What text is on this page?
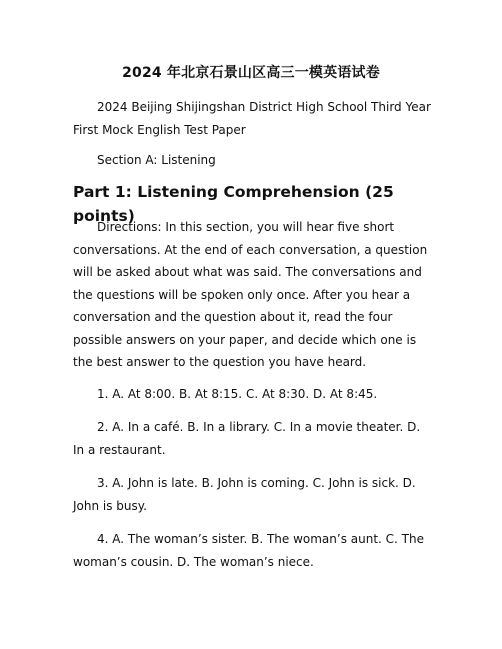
2024 年北京石景山区高三一模英语试卷

2024 Beijing Shijingshan District High School Third Year First Mock English Test Paper

Section A: Listening

Part 1: Listening Comprehension (25 points)

Directions: In this section, you will hear five short conversations. At the end of each conversation, a question will be asked about what was said. The conversations and the questions will be spoken only once. After you hear a conversation and the question about it, read the four possible answers on your paper, and decide which one is the best answer to the question you have heard.

1. A. At 8:00. B. At 8:15. C. At 8:30. D. At 8:45.

2. A. In a café. B. In a library. C. In a movie theater. D. In a restaurant.

3. A. John is late. B. John is coming. C. John is sick. D. John is busy.

4. A. The woman’s sister. B. The woman’s aunt. C. The woman’s cousin. D. The woman’s niece.
